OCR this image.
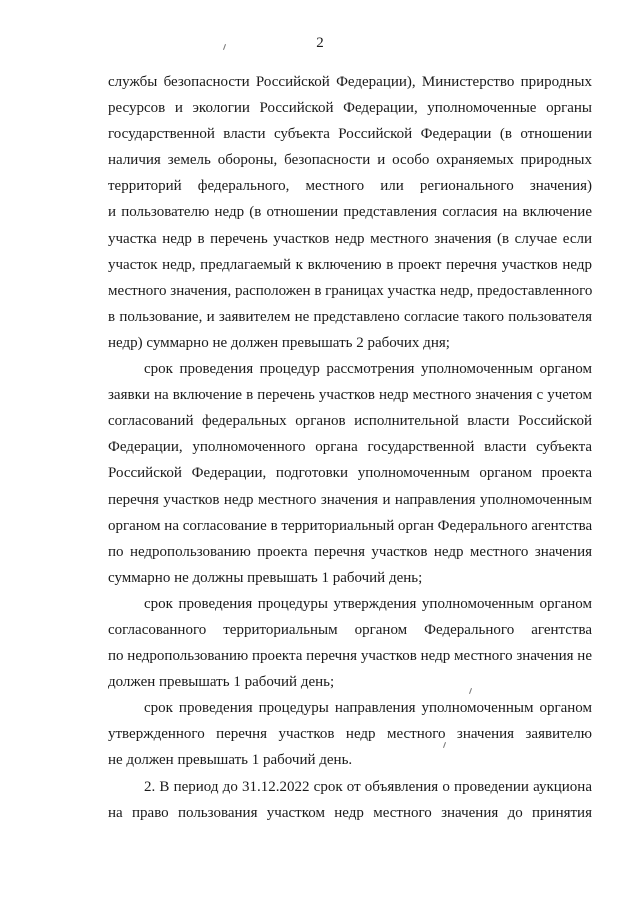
2
службы безопасности Российской Федерации), Министерство природных
ресурсов и экологии Российской Федерации, уполномоченные органы
государственной власти субъекта Российской Федерации (в отношении
наличия земель обороны, безопасности и особо охраняемых природных
территорий федерального, местного или регионального значения)
и пользователю недр (в отношении представления согласия на включение
участка недр в перечень участков недр местного значения (в случае если
участок недр, предлагаемый к включению в проект перечня участков недр
местного значения, расположен в границах участка недр, предоставленного
в пользование, и заявителем не представлено согласие такого пользователя
недр) суммарно не должен превышать 2 рабочих дня;
срок проведения процедур рассмотрения уполномоченным органом
заявки на включение в перечень участков недр местного значения с учетом
согласований федеральных органов исполнительной власти Российской
Федерации, уполномоченного органа государственной власти субъекта
Российской Федерации, подготовки уполномоченным органом проекта
перечня участков недр местного значения и направления уполномоченным
органом на согласование в территориальный орган Федерального агентства
по недропользованию проекта перечня участков недр местного значения
суммарно не должны превышать 1 рабочий день;
срок проведения процедуры утверждения уполномоченным органом
согласованного территориальным органом Федерального агентства
по недропользованию проекта перечня участков недр местного значения не
должен превышать 1 рабочий день;
срок проведения процедуры направления уполномоченным органом
утвержденного перечня участков недр местного значения заявителю
не должен превышать 1 рабочий день.
2. В период до 31.12.2022 срок от объявления о проведении аукциона
на право пользования участком недр местного значения до принятия
